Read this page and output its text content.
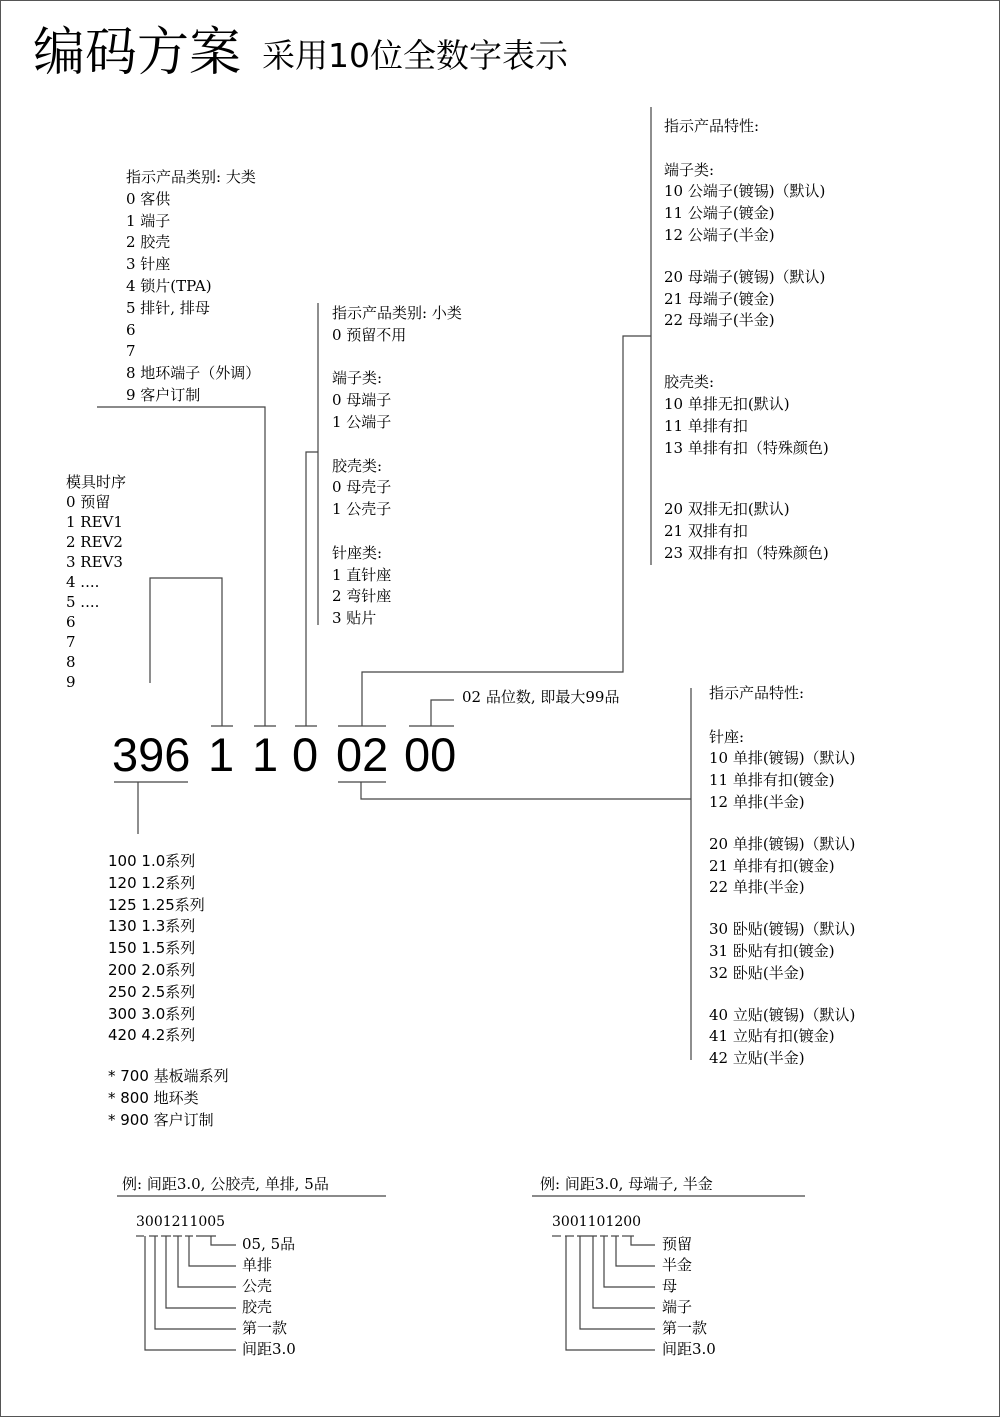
编码方案 采用10位全数字表示
396 1 1 0 02 00
指示产品类别: 大类
0 客供
1 端子
2 胶壳
3 针座
4 锁片(TPA)
5 排针, 排母
6
7
8 地环端子（外调）
9 客户订制
模具时序
0 预留
1 REV1
2 REV2
3 REV3
4 ....
5 ....
6
7
8
9
指示产品类别: 小类
0 预留不用
端子类:
0 母端子
1 公端子
胶壳类:
0 母壳子
1 公壳子
针座类:
1 直针座
2 弯针座
3 贴片
指示产品特性:
端子类:
10 公端子(镀锡)（默认)
11 公端子(镀金)
12 公端子(半金)
20 母端子(镀锡)（默认)
21 母端子(镀金)
22 母端子(半金)
胶壳类:
10 单排无扣(默认)
11 单排有扣
13 单排有扣（特殊颜色)
20 双排无扣(默认)
21 双排有扣
23 双排有扣（特殊颜色)
02 品位数, 即最大99品	指示产品特性:
针座:
10 单排(镀锡)（默认)
11 单排有扣(镀金)
12 单排(半金)
20 单排(镀锡)（默认)
21 单排有扣(镀金)
22 单排(半金)
30 卧贴(镀锡)（默认)
31 卧贴有扣(镀金)
32 卧贴(半金)
40 立贴(镀锡)（默认)
41 立贴有扣(镀金)
42 立贴(半金)
100 1.0系列
120 1.2系列
125 1.25系列
130 1.3系列
150 1.5系列
200 2.0系列
250 2.5系列
300 3.0系列
420 4.2系列
* 700 基板端系列
* 800 地环类
* 900 客户订制
例: 间距3.0, 公胶壳, 单排, 5品
3001211005
05, 5品
单排
公壳
胶壳
第一款
间距3.0
例: 间距3.0, 母端子, 半金
3001101200
预留
半金
母
端子
第一款
间距3.0
